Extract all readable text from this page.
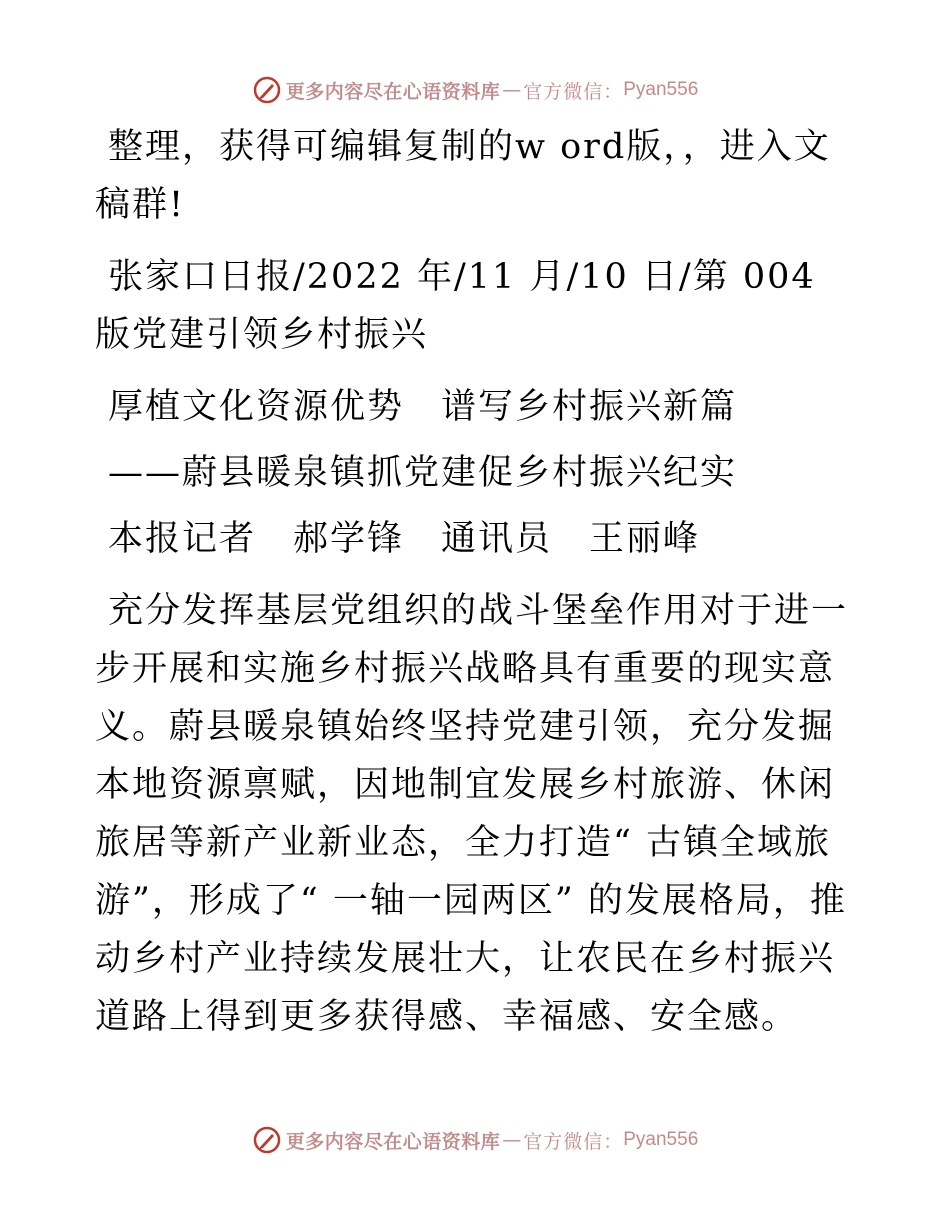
更多内容尽在心语资料库 — 官方微信： Pyan556

整理，获得可编辑复制的w ord版，，进入文稿群!

张家口日报/2022 年/11 月/10 日/第 004 版党建引领乡村振兴

厚植文化资源优势　谱写乡村振兴新篇

——蔚县暖泉镇抓党建促乡村振兴纪实

本报记者　郝学锋　通讯员　王丽峰

充分发挥基层党组织的战斗堡垒作用对于进一步开展和实施乡村振兴战略具有重要的现实意义。蔚县暖泉镇始终坚持党建引领，充分发掘本地资源禀赋，因地制宜发展乡村旅游、休闲旅居等新产业新业态，全力打造“ 古镇全域旅游”，形成了“ 一轴一园两区” 的发展格局，推动乡村产业持续发展壮大，让农民在乡村振兴道路上得到更多获得感、幸福感、安全感。

更多内容尽在心语资料库 — 官方微信： Pyan556
